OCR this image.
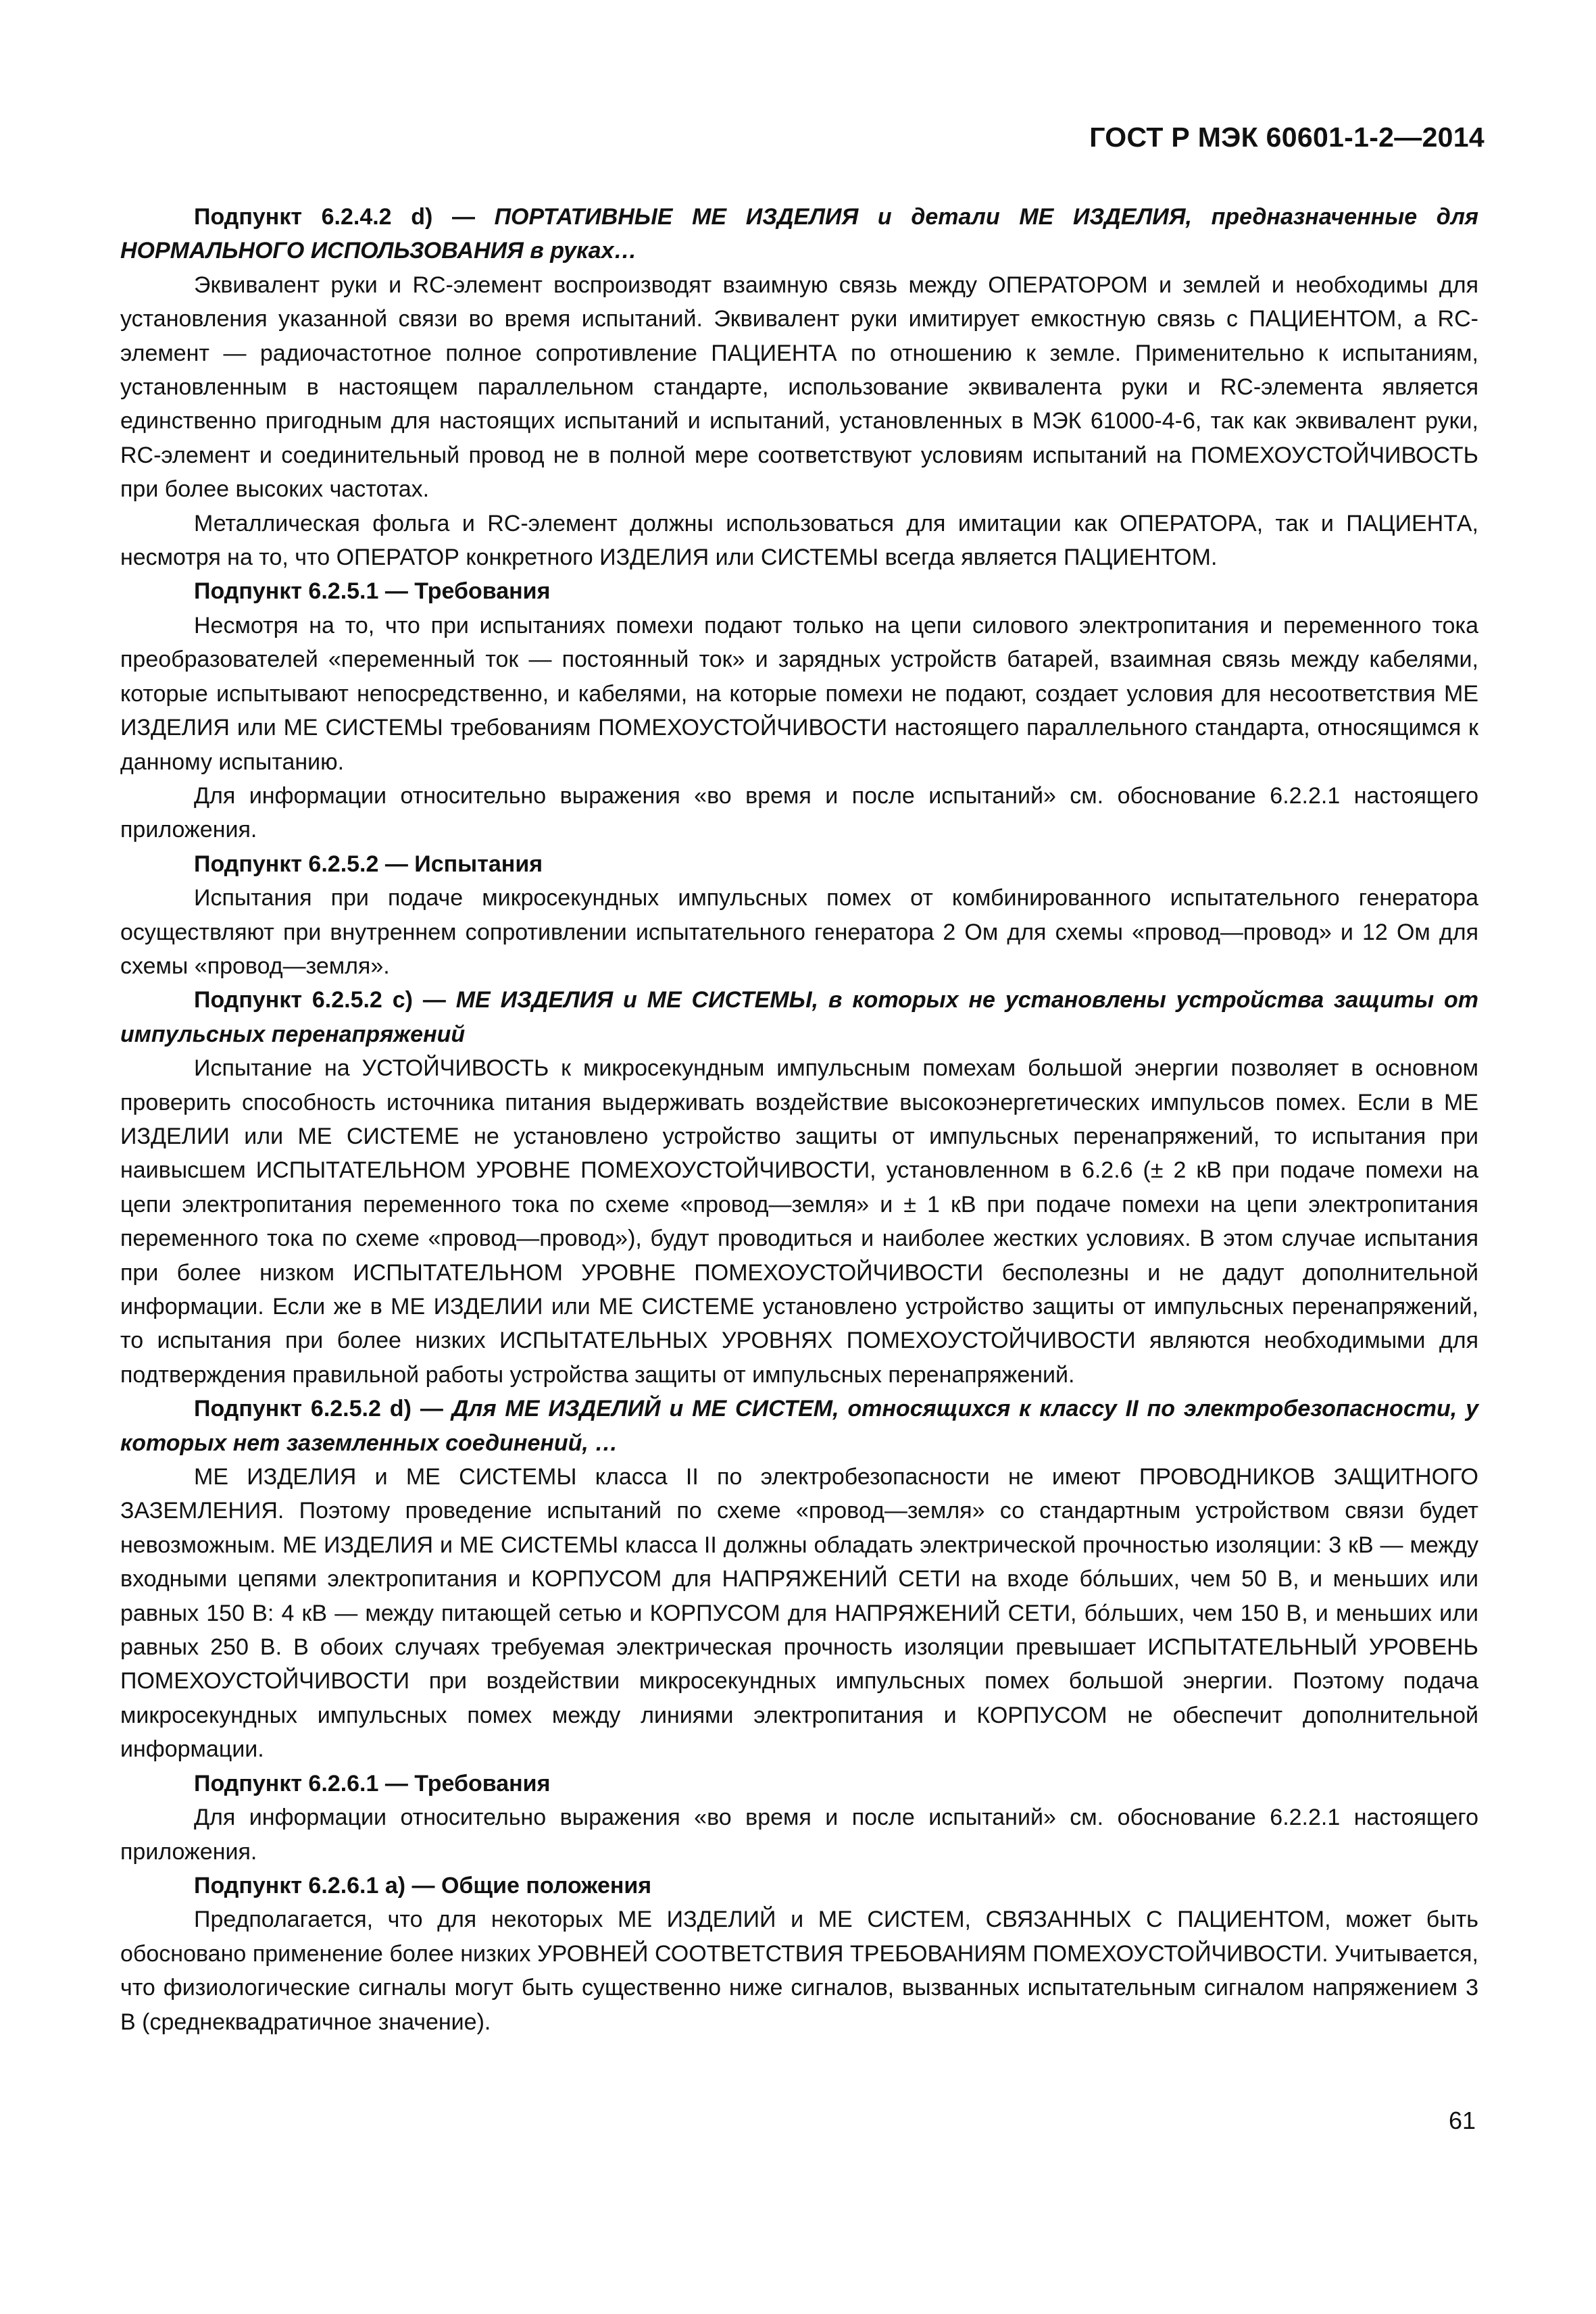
ГОСТ Р МЭК 60601-1-2—2014

Подпункт 6.2.4.2 d) — ПОРТАТИВНЫЕ МЕ ИЗДЕЛИЯ и детали МЕ ИЗДЕЛИЯ, предназначенные для НОРМАЛЬНОГО ИСПОЛЬЗОВАНИЯ в руках…

Эквивалент руки и RC-элемент воспроизводят взаимную связь между ОПЕРАТОРОМ и землей и необходимы для установления указанной связи во время испытаний. Эквивалент руки имитирует емкостную связь с ПАЦИЕНТОМ, а RC-элемент — радиочастотное полное сопротивление ПАЦИЕНТА по отношению к земле. Применительно к испытаниям, установленным в настоящем параллельном стандарте, использование эквивалента руки и RC-элемента является единственно пригодным для настоящих испытаний и испытаний, установленных в МЭК 61000-4-6, так как эквивалент руки, RC-элемент и соединительный провод не в полной мере соответствуют условиям испытаний на ПОМЕХОУСТОЙЧИВОСТЬ при более высоких частотах.

Металлическая фольга и RC-элемент должны использоваться для имитации как ОПЕРАТОРА, так и ПАЦИЕНТА, несмотря на то, что ОПЕРАТОР конкретного ИЗДЕЛИЯ или СИСТЕМЫ всегда является ПАЦИЕНТОМ.

Подпункт 6.2.5.1 — Требования

Несмотря на то, что при испытаниях помехи подают только на цепи силового электропитания и переменного тока преобразователей «переменный ток — постоянный ток» и зарядных устройств батарей, взаимная связь между кабелями, которые испытывают непосредственно, и кабелями, на которые помехи не подают, создает условия для несоответствия МЕ ИЗДЕЛИЯ или МЕ СИСТЕМЫ требованиям ПОМЕХОУСТОЙЧИВОСТИ настоящего параллельного стандарта, относящимся к данному испытанию.

Для информации относительно выражения «во время и после испытаний» см. обоснование 6.2.2.1 настоящего приложения.

Подпункт 6.2.5.2 — Испытания

Испытания при подаче микросекундных импульсных помех от комбинированного испытательного генератора осуществляют при внутреннем сопротивлении испытательного генератора 2 Ом для схемы «провод—провод» и 12 Ом для схемы «провод—земля».

Подпункт 6.2.5.2 с) — МЕ ИЗДЕЛИЯ и МЕ СИСТЕМЫ, в которых не установлены устройства защиты от импульсных перенапряжений

Испытание на УСТОЙЧИВОСТЬ к микросекундным импульсным помехам большой энергии позволяет в основном проверить способность источника питания выдерживать воздействие высокоэнергетических импульсов помех. Если в МЕ ИЗДЕЛИИ или МЕ СИСТЕМЕ не установлено устройство защиты от импульсных перенапряжений, то испытания при наивысшем ИСПЫТАТЕЛЬНОМ УРОВНЕ ПОМЕХОУСТОЙЧИВОСТИ, установленном в 6.2.6 (± 2 кВ при подаче помехи на цепи электропитания переменного тока по схеме «провод—земля» и ± 1 кВ при подаче помехи на цепи электропитания переменного тока по схеме «провод—провод»), будут проводиться и наиболее жестких условиях. В этом случае испытания при более низком ИСПЫТАТЕЛЬНОМ УРОВНЕ ПОМЕХОУСТОЙЧИВОСТИ бесполезны и не дадут дополнительной информации. Если же в МЕ ИЗДЕЛИИ или МЕ СИСТЕМЕ установлено устройство защиты от импульсных перенапряжений, то испытания при более низких ИСПЫТАТЕЛЬНЫХ УРОВНЯХ ПОМЕХОУСТОЙЧИВОСТИ являются необходимыми для подтверждения правильной работы устройства защиты от импульсных перенапряжений.

Подпункт 6.2.5.2 d) — Для МЕ ИЗДЕЛИЙ и МЕ СИСТЕМ, относящихся к классу II по электробезопасности, у которых нет заземленных соединений, …

МЕ ИЗДЕЛИЯ и МЕ СИСТЕМЫ класса II по электробезопасности не имеют ПРОВОДНИКОВ ЗАЩИТНОГО ЗАЗЕМЛЕНИЯ. Поэтому проведение испытаний по схеме «провод—земля» со стандартным устройством связи будет невозможным. МЕ ИЗДЕЛИЯ и МЕ СИСТЕМЫ класса II должны обладать электрической прочностью изоляции: 3 кВ — между входными цепями электропитания и КОРПУСОМ для НАПРЯЖЕНИЙ СЕТИ на входе бо́льших, чем 50 В, и меньших или равных 150 В: 4 кВ — между питающей сетью и КОРПУСОМ для НАПРЯЖЕНИЙ СЕТИ, бо́льших, чем 150 В, и меньших или равных 250 В. В обоих случаях требуемая электрическая прочность изоляции превышает ИСПЫТАТЕЛЬНЫЙ УРОВЕНЬ ПОМЕХОУСТОЙЧИВОСТИ при воздействии микросекундных импульсных помех большой энергии. Поэтому подача микросекундных импульсных помех между линиями электропитания и КОРПУСОМ не обеспечит дополнительной информации.

Подпункт 6.2.6.1 — Требования

Для информации относительно выражения «во время и после испытаний» см. обоснование 6.2.2.1 настоящего приложения.

Подпункт 6.2.6.1 а) — Общие положения

Предполагается, что для некоторых МЕ ИЗДЕЛИЙ и МЕ СИСТЕМ, СВЯЗАННЫХ С ПАЦИЕНТОМ, может быть обосновано применение более низких УРОВНЕЙ СООТВЕТСТВИЯ ТРЕБОВАНИЯМ ПОМЕХОУСТОЙЧИВОСТИ. Учитывается, что физиологические сигналы могут быть существенно ниже сигналов, вызванных испытательным сигналом напряжением 3 В (среднеквадратичное значение).

61
